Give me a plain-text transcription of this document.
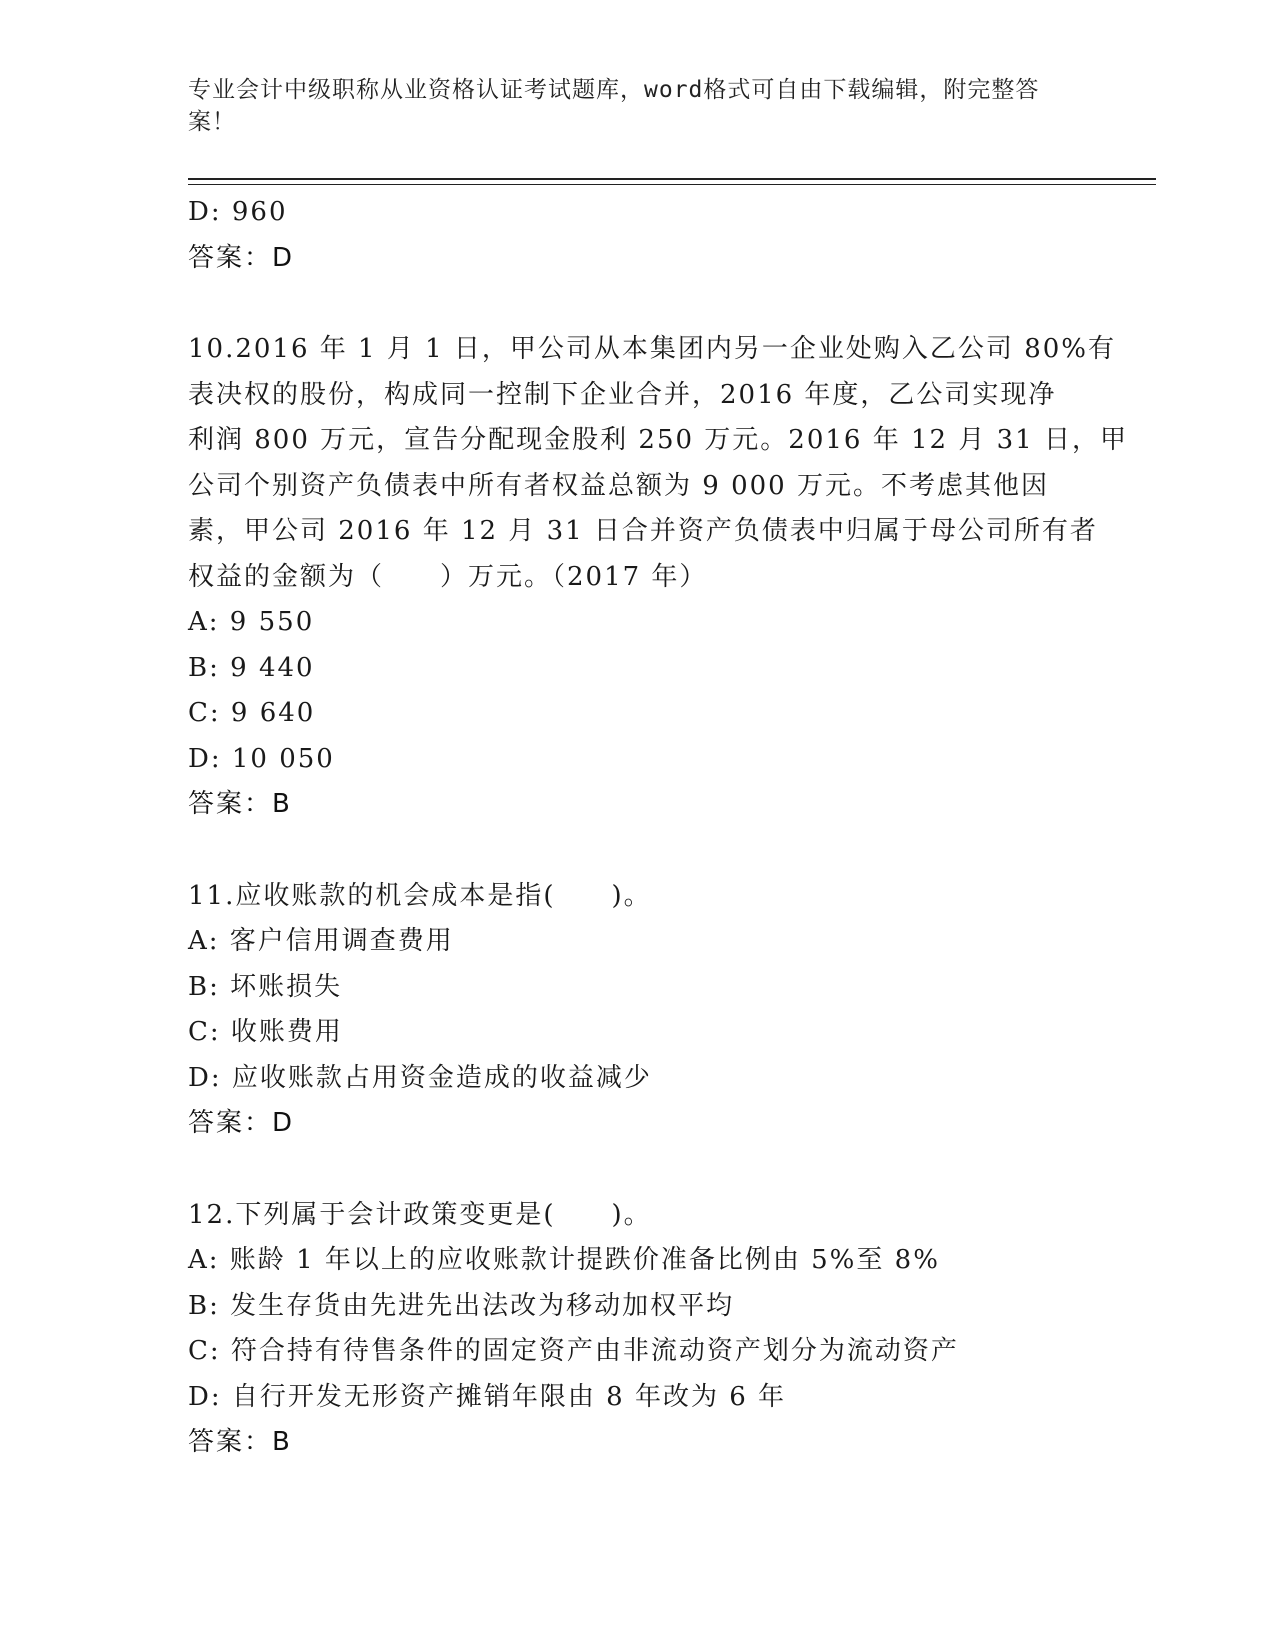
专业会计中级职称从业资格认证考试题库，word格式可自由下载编辑，附完整答案！
D: 960
答案：D
10.2016 年 1 月 1 日，甲公司从本集团内另一企业处购入乙公司 80%有
表决权的股份，构成同一控制下企业合并，2016 年度，乙公司实现净
利润 800 万元，宣告分配现金股利 250 万元。2016 年 12 月 31 日，甲
公司个别资产负债表中所有者权益总额为 9 000 万元。不考虑其他因
素，甲公司 2016 年 12 月 31 日合并资产负债表中归属于母公司所有者
权益的金额为（　　）万元。（2017 年）
A: 9 550
B: 9 440
C: 9 640
D: 10 050
答案：B
11.应收账款的机会成本是指(　　)。
A: 客户信用调查费用
B: 坏账损失
C: 收账费用
D: 应收账款占用资金造成的收益减少
答案：D
12.下列属于会计政策变更是(　　)。
A: 账龄 1 年以上的应收账款计提跌价准备比例由 5%至 8%
B: 发生存货由先进先出法改为移动加权平均
C: 符合持有待售条件的固定资产由非流动资产划分为流动资产
D: 自行开发无形资产摊销年限由 8 年改为 6 年
答案：B
